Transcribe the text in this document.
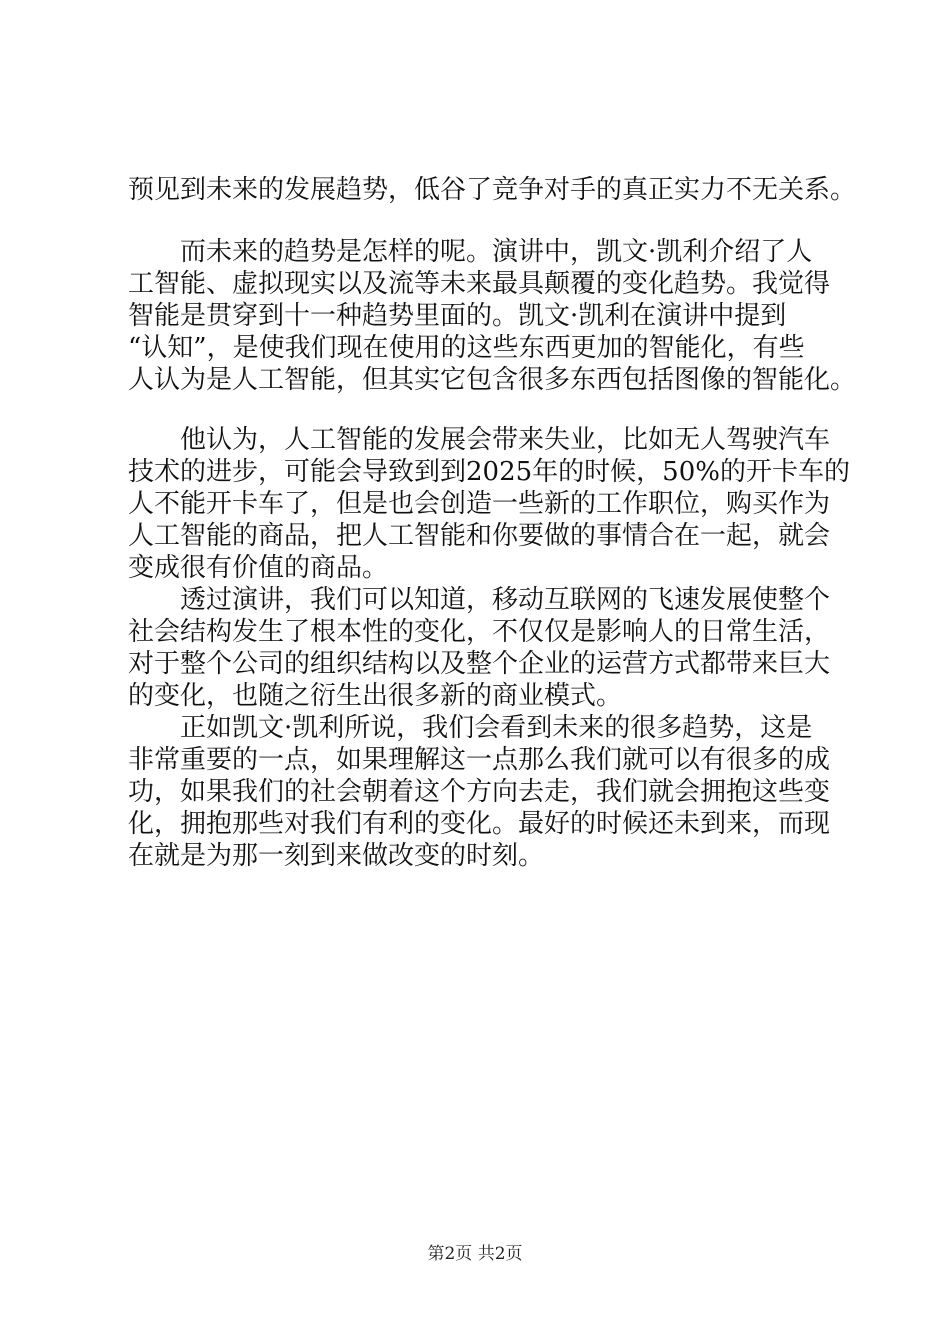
预见到未来的发展趋势，低谷了竞争对手的真正实力不无关系。
　　而未来的趋势是怎样的呢。演讲中，凯文·凯利介绍了人
工智能、虚拟现实以及流等未来最具颠覆的变化趋势。我觉得
智能是贯穿到十一种趋势里面的。凯文·凯利在演讲中提到
“认知”，是使我们现在使用的这些东西更加的智能化，有些
人认为是人工智能，但其实它包含很多东西包括图像的智能化。
　　他认为，人工智能的发展会带来失业，比如无人驾驶汽车
技术的进步，可能会导致到到2025年的时候，50%的开卡车的
人不能开卡车了，但是也会创造一些新的工作职位，购买作为
人工智能的商品，把人工智能和你要做的事情合在一起，就会
变成很有价值的商品。
　　透过演讲，我们可以知道，移动互联网的飞速发展使整个
社会结构发生了根本性的变化，不仅仅是影响人的日常生活，
对于整个公司的组织结构以及整个企业的运营方式都带来巨大
的变化，也随之衍生出很多新的商业模式。
　　正如凯文·凯利所说，我们会看到未来的很多趋势，这是
非常重要的一点，如果理解这一点那么我们就可以有很多的成
功，如果我们的社会朝着这个方向去走，我们就会拥抱这些变
化，拥抱那些对我们有利的变化。最好的时候还未到来，而现
在就是为那一刻到来做改变的时刻。
第2页 共2页
